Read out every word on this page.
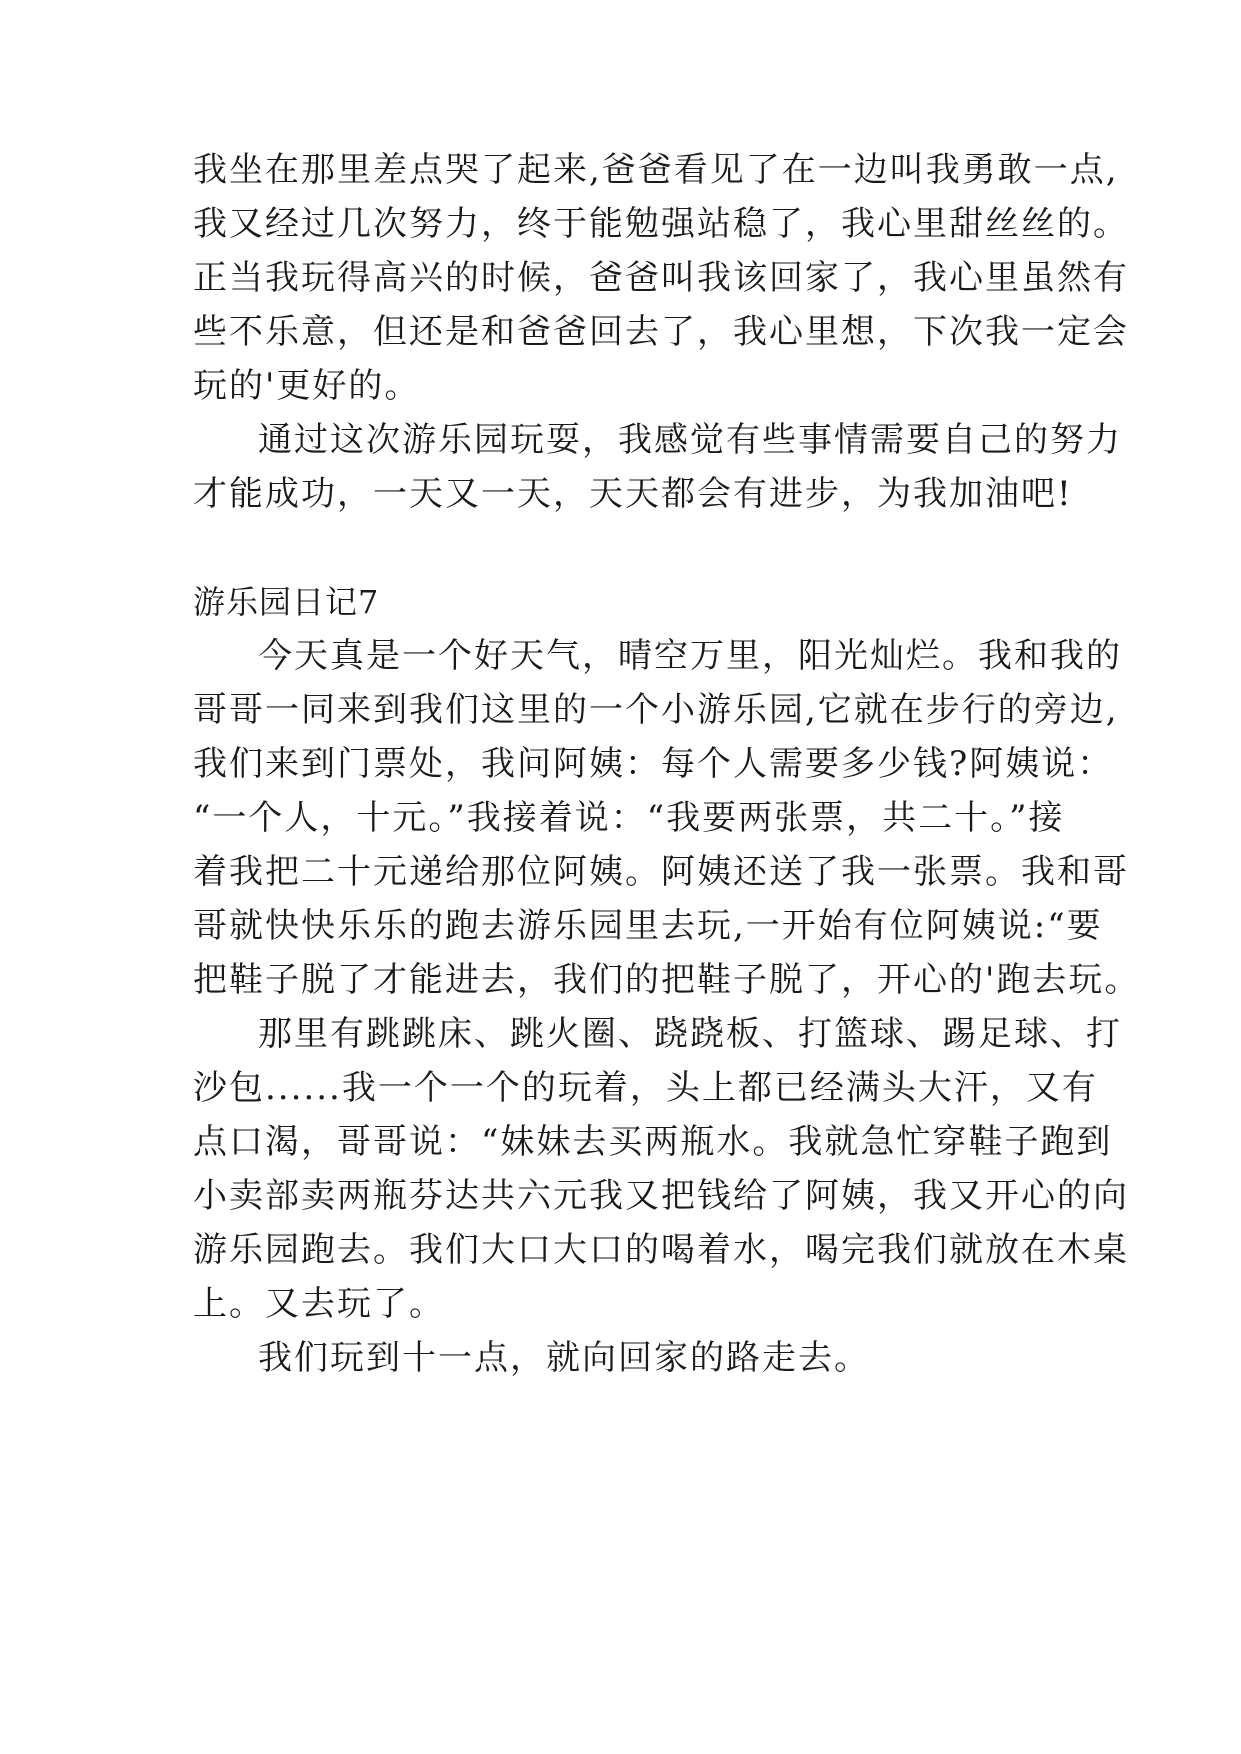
我坐在那里差点哭了起来,爸爸看见了在一边叫我勇敢一点,
我又经过几次努力，终于能勉强站稳了，我心里甜丝丝的。
正当我玩得高兴的时候，爸爸叫我该回家了，我心里虽然有
些不乐意，但还是和爸爸回去了，我心里想，下次我一定会
玩的'更好的。
通过这次游乐园玩耍，我感觉有些事情需要自己的努力
才能成功，一天又一天，天天都会有进步，为我加油吧!
游乐园日记7
今天真是一个好天气，晴空万里，阳光灿烂。我和我的
哥哥一同来到我们这里的一个小游乐园,它就在步行的旁边,
我们来到门票处，我问阿姨：每个人需要多少钱?阿姨说：
“一个人，十元。”我接着说：“我要两张票，共二十。”接
着我把二十元递给那位阿姨。阿姨还送了我一张票。我和哥
哥就快快乐乐的跑去游乐园里去玩,一开始有位阿姨说:“要
把鞋子脱了才能进去，我们的把鞋子脱了，开心的'跑去玩。
那里有跳跳床、跳火圈、跷跷板、打篮球、踢足球、打
沙包......我一个一个的玩着，头上都已经满头大汗，又有
点口渴，哥哥说：“妹妹去买两瓶水。我就急忙穿鞋子跑到
小卖部卖两瓶芬达共六元我又把钱给了阿姨，我又开心的向
游乐园跑去。我们大口大口的喝着水，喝完我们就放在木桌
上。又去玩了。
我们玩到十一点，就向回家的路走去。
